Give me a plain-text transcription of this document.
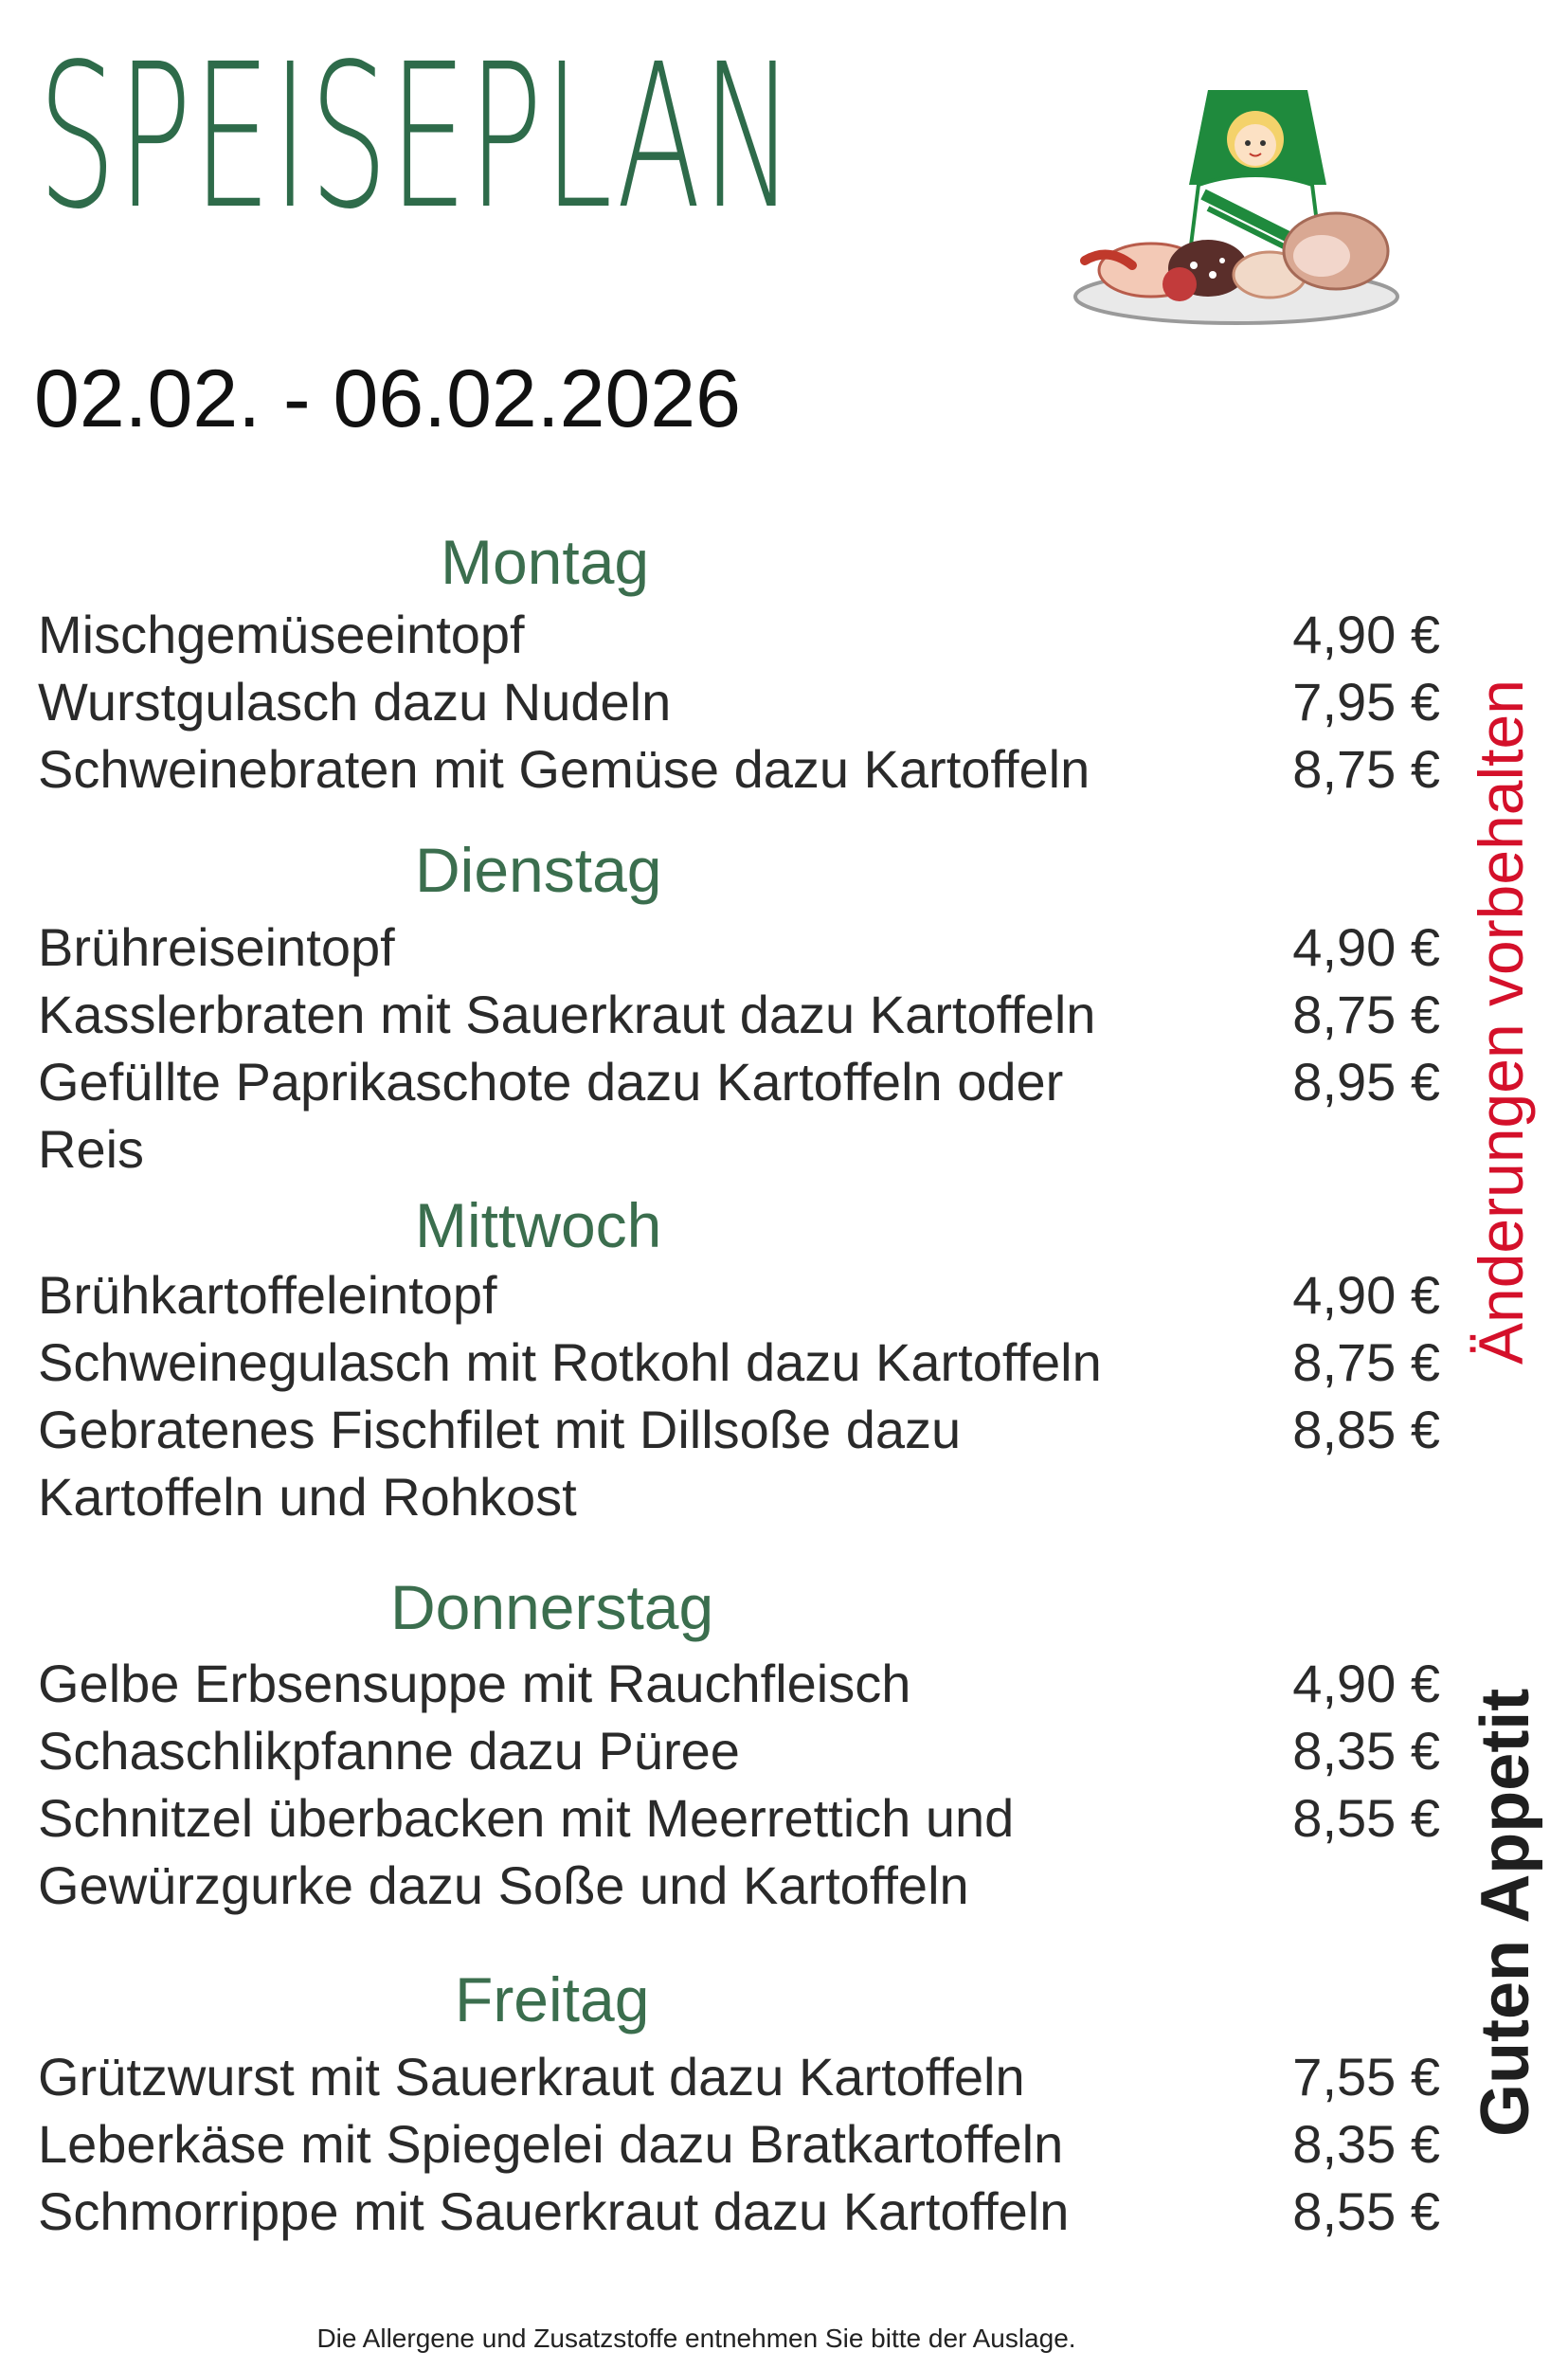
SPEISEPLAN
02.02. - 06.02.2026
Montag
Mischgemüseeintopf	4,90 €
Wurstgulasch dazu Nudeln	7,95 €
Schweinebraten mit Gemüse dazu Kartoffeln	8,75 €
Dienstag
Brühreiseintopf	4,90 €
Kasslerbraten mit Sauerkraut dazu Kartoffeln	8,75 €
Gefüllte Paprikaschote dazu Kartoffeln oder	8,95 €
Reis
Mittwoch
Brühkartoffeleintopf	4,90 €
Schweinegulasch mit Rotkohl dazu Kartoffeln	8,75 €
Gebratenes Fischfilet mit Dillsoße dazu	8,85 €
Kartoffeln und Rohkost
Donnerstag
Gelbe Erbsensuppe mit Rauchfleisch	4,90 €
Schaschlikpfanne dazu Püree	8,35 €
Schnitzel überbacken mit Meerrettich und	8,55 €
Gewürzgurke dazu Soße und Kartoffeln
Freitag
Grützwurst mit Sauerkraut dazu Kartoffeln	7,55 €
Leberkäse mit Spiegelei dazu Bratkartoffeln	8,35 €
Schmorrippe mit Sauerkraut dazu Kartoffeln	8,55 €
Änderungen vorbehalten
Guten Appetit
Die Allergene und Zusatzstoffe entnehmen Sie bitte der Auslage.
